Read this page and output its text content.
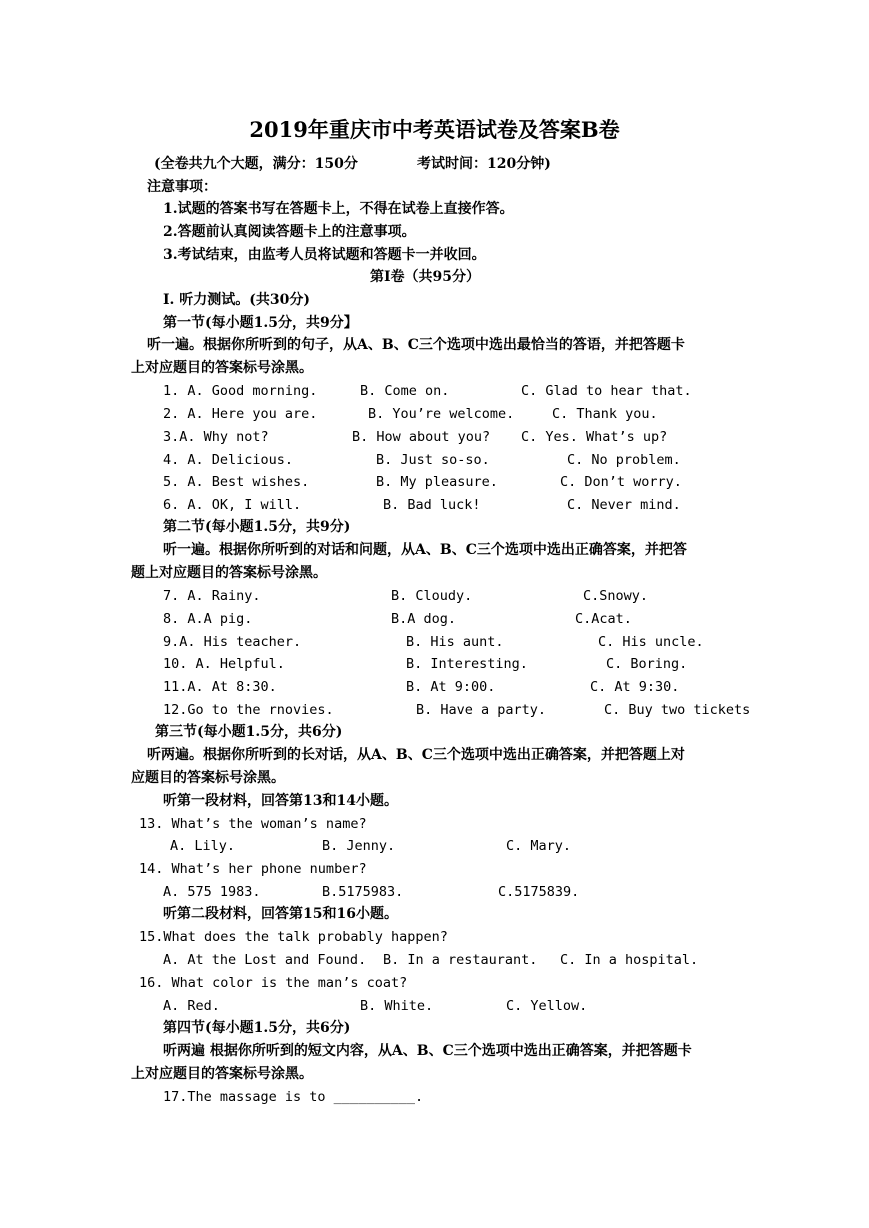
2019年重庆市中考英语试卷及答案B卷
(全卷共九个大题，满分：150分	考试时间：120分钟)
注意事项：
1.试题的答案书写在答题卡上，不得在试卷上直接作答。
2.答题前认真阅读答题卡上的注意事项。
3.考试结束，由监考人员将试题和答题卡一并收回。
第Ⅰ卷（共95分）
I. 听力测试。(共30分)
第一节(每小题1.5分，共9分】
听一遍。根据你所听到的句子，从A、B、C三个选项中选出最恰当的答语，并把答题卡
上对应题目的答案标号涂黑。
1. A. Good morning.	B. Come on.	C. Glad to hear that.
2. A. Here you are.	B. You’re welcome.	C. Thank you.
3.A. Why not?	B. How about you? C. Yes. What’s up?
4. A. Delicious.	B. Just so-so.	C. No problem.
5. A. Best wishes.	B. My pleasure.	C. Don’t worry.
6. A. OK, I will.	B. Bad luck!	C. Never mind.
第二节(每小题1.5分，共9分)
听一遍。根据你所听到的对话和问题，从A、B、C三个选项中选出正确答案，并把答
题上对应题目的答案标号涂黑。
7. A. Rainy.	B. Cloudy.	C.Snowy.
8. A.A pig.	B.A dog.	C.Acat.
9.A. His teacher.	B. His aunt.	C. His uncle.
10. A. Helpful.	B. Interesting.	C. Boring.
11.A. At 8:30.	B. At 9:00.	C. At 9:30.
12.Go to the rnovies.	B. Have a party.	C. Buy two tickets
第三节(每小题1.5分，共6分)
听两遍。根据你所听到的长对话，从A、B、C三个选项中选出正确答案，并把答题上对
应题目的答案标号涂黑。
听第一段材料，回答第13和14小题。
13. What’s the woman’s name?
A. Lily.	B. Jenny.	C. Mary.
14. What’s her phone number?
A. 575 1983.	B.5175983.	C.5175839.
听第二段材料，回答第15和16小题。
15.What does the talk probably happen?
A. At the Lost and Found. B. In a restaurant. C. In a hospital.
16. What color is the man’s coat?
A. Red.	B. White.	C. Yellow.
第四节(每小题1.5分，共6分)
听两遍 根据你所听到的短文内容，从A、B、C三个选项中选出正确答案，并把答题卡
上对应题目的答案标号涂黑。
17.The massage is to __________.
